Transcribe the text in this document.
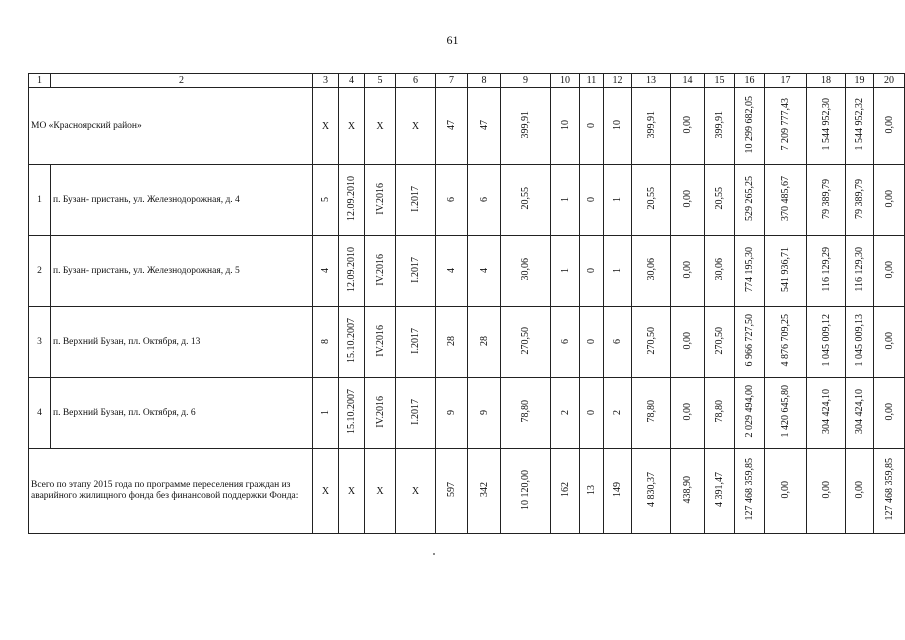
61
1	2	3	4	5	6	7	8	9	10	11	12	13	14	15	16	17	18	19	20
МО «Красноярский район»		Х	Х	Х	Х	47	47	399,91	10	0	10	399,91	0,00	399,91	10 299 682,05	7 209 777,43	1 544 952,30	1 544 952,32	0,00
1	п. Бузан- пристань, ул. Железнодорожная, д. 4	5	12.09.2010	IV.2016	I.2017	6	6	20,55	1	0	1	20,55	0,00	20,55	529 265,25	370 485,67	79 389,79	79 389,79	0,00
2	п. Бузан- пристань, ул. Железнодорожная, д. 5	4	12.09.2010	IV.2016	I.2017	4	4	30,06	1	0	1	30,06	0,00	30,06	774 195,30	541 936,71	116 129,29	116 129,30	0,00
3	п. Верхний Бузан, пл. Октября, д. 13	8	15.10.2007	IV.2016	I.2017	28	28	270,50	6	0	6	270,50	0,00	270,50	6 966 727,50	4 876 709,25	1 045 009,12	1 045 009,13	0,00
4	п. Верхний Бузан, пл. Октября, д. 6	1	15.10.2007	IV.2016	I.2017	9	9	78,80	2	0	2	78,80	0,00	78,80	2 029 494,00	1 420 645,80	304 424,10	304 424,10	0,00
Всего по этапу 2015 года по программе переселения граждан из аварийного жилищного фонда без финансовой поддержки Фонда:		Х	Х	Х	Х	597	342	10 120,00	162	13	149	4 830,37	438,90	4 391,47	127 468 359,85	0,00	0,00	0,00	127 468 359,85
